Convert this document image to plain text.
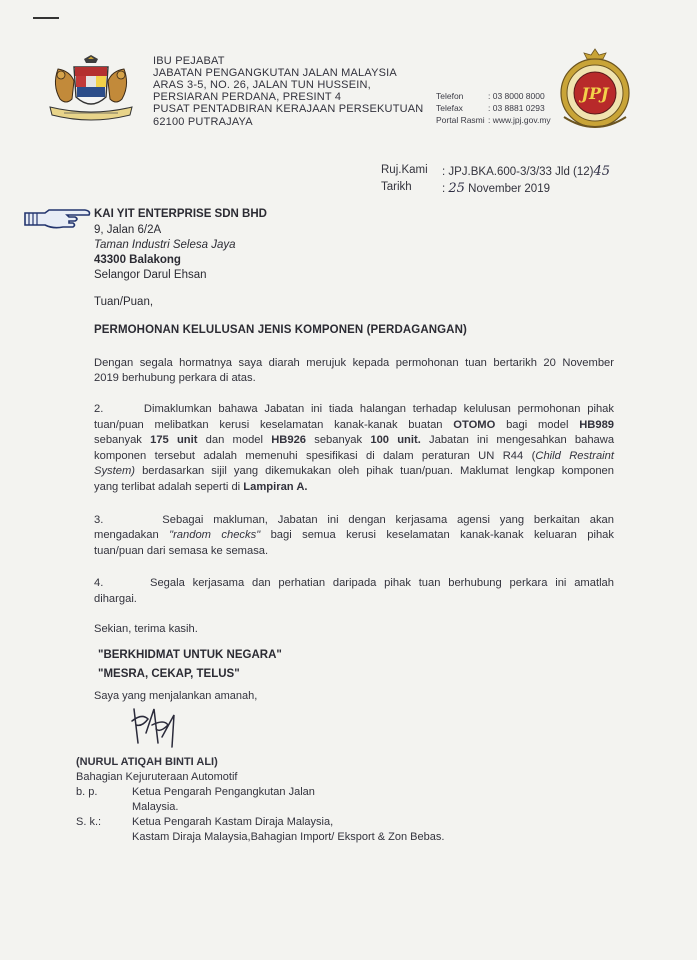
IBU PEJABAT
JABATAN PENGANGKUTAN JALAN MALAYSIA
ARAS 3-5, NO. 26, JALAN TUN HUSSEIN,
PERSIARAN PERDANA, PRESINT 4
PUSAT PENTADBIRAN KERAJAAN PERSEKUTUAN
62100 PUTRAJAYA
Telefon	: 03 8000 8000
Telefax	: 03 8881 0293
Portal Rasmi : www.jpj.gov.my
JPJ
Ruj.Kami : JPJ.BKA.600-3/3/33 Jld (12)45
Tarikh	: 25 November 2019
KAI YIT ENTERPRISE SDN BHD
9, Jalan 6/2A
Taman Industri Selesa Jaya
43300 Balakong
Selangor Darul Ehsan
Tuan/Puan,
PERMOHONAN KELULUSAN JENIS KOMPONEN (PERDAGANGAN)
Dengan segala hormatnya saya diarah merujuk kepada permohonan tuan bertarikh 20 November
2019 berhubung perkara di atas.
2.      Dimaklumkan bahawa Jabatan ini tiada halangan terhadap kelulusan permohonan pihak
tuan/puan melibatkan kerusi keselamatan kanak-kanak buatan OTOMO bagi model HB989
sebanyak 175 unit dan model HB926 sebanyak 100 unit. Jabatan ini mengesahkan bahawa
komponen tersebut adalah memenuhi spesifikasi di dalam peraturan UN R44 (Child Restraint
System) berdasarkan sijil yang dikemukakan oleh pihak tuan/puan. Maklumat lengkap komponen
yang terlibat adalah seperti di Lampiran A.
3.      Sebagai makluman, Jabatan ini dengan kerjasama agensi yang berkaitan akan
mengadakan "random checks" bagi semua kerusi keselamatan kanak-kanak keluaran pihak
tuan/puan dari semasa ke semasa.
4.      Segala kerjasama dan perhatian daripada pihak tuan berhubung perkara ini amatlah
dihargai.
Sekian, terima kasih.
"BERKHIDMAT UNTUK NEGARA"
"MESRA, CEKAP, TELUS"
Saya yang menjalankan amanah,
(NURUL ATIQAH BINTI ALI)
Bahagian Kejuruteraan Automotif
b. p.	Ketua Pengarah Pengangkutan Jalan
Malaysia.
S. k.:	Ketua Pengarah Kastam Diraja Malaysia,
Kastam Diraja Malaysia,Bahagian Import/ Eksport & Zon Bebas.
